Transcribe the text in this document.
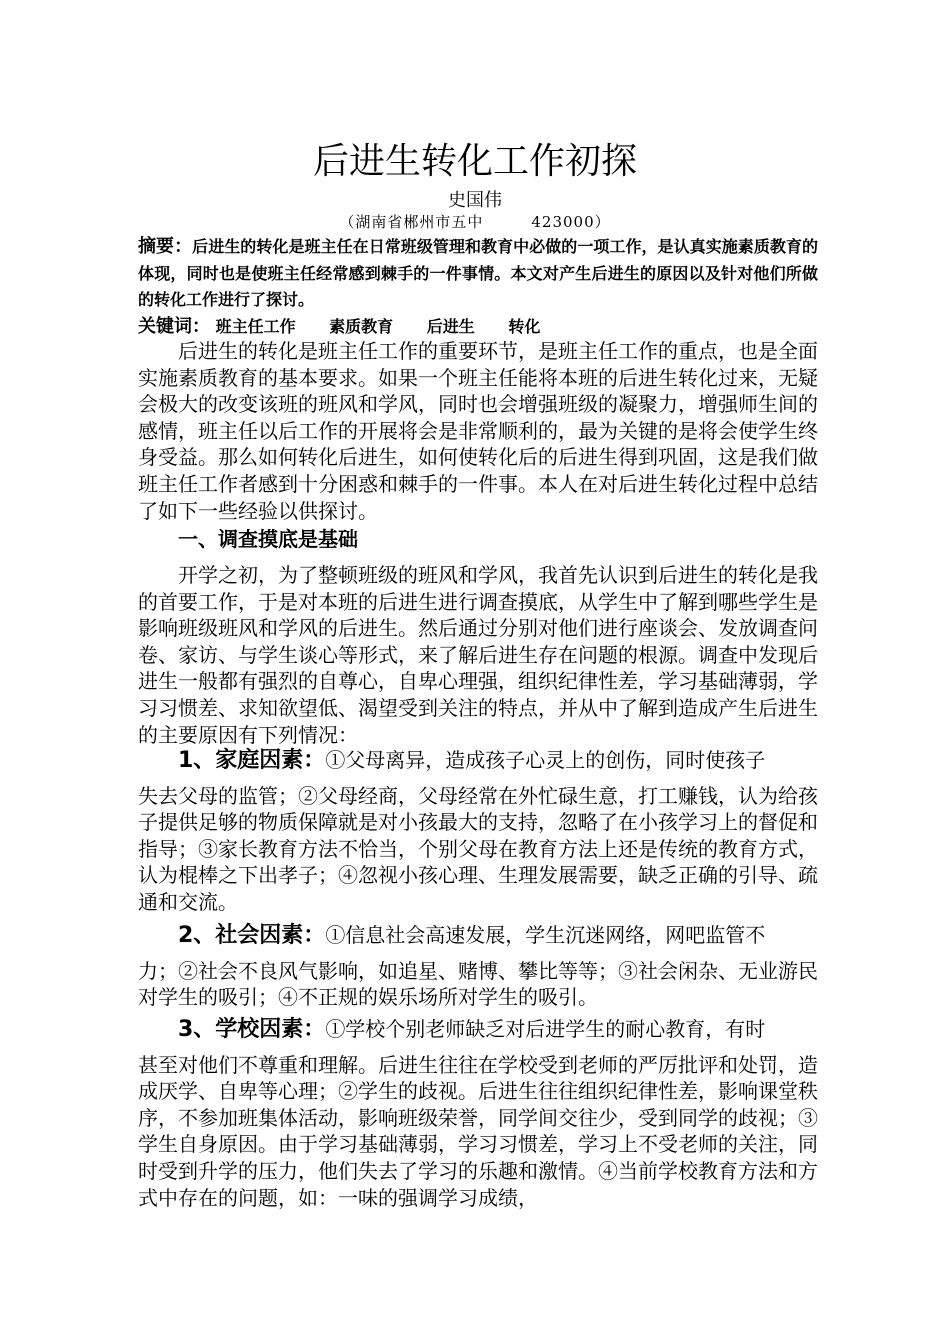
后进生转化工作初探
史国伟
（湖南省郴州市五中	423000）

摘要：后进生的转化是班主任在日常班级管理和教育中必做的一项工作，是认真实施素质教育的体现，同时也是使班主任经常感到棘手的一件事情。本文对产生后进生的原因以及针对他们所做的转化工作进行了探讨。

关键词： 班主任工作 素质教育 后进生 转化

后进生的转化是班主任工作的重要环节，是班主任工作的重点，也是全面实施素质教育的基本要求。如果一个班主任能将本班的后进生转化过来，无疑会极大的改变该班的班风和学风，同时也会增强班级的凝聚力，增强师生间的感情，班主任以后工作的开展将会是非常顺利的，最为关键的是将会使学生终身受益。那么如何转化后进生，如何使转化后的后进生得到巩固，这是我们做班主任工作者感到十分困惑和棘手的一件事。本人在对后进生转化过程中总结了如下一些经验以供探讨。

一、调查摸底是基础

开学之初，为了整顿班级的班风和学风，我首先认识到后进生的转化是我的首要工作，于是对本班的后进生进行调查摸底，从学生中了解到哪些学生是影响班级班风和学风的后进生。然后通过分别对他们进行座谈会、发放调查问卷、家访、与学生谈心等形式，来了解后进生存在问题的根源。调查中发现后进生一般都有强烈的自尊心，自卑心理强，组织纪律性差，学习基础薄弱，学习习惯差、求知欲望低、渴望受到关注的特点，并从中了解到造成产生后进生的主要原因有下列情况：

1、家庭因素：①父母离异，造成孩子心灵上的创伤，同时使孩子
失去父母的监管；②父母经商，父母经常在外忙碌生意，打工赚钱，认为给孩子提供足够的物质保障就是对小孩最大的支持，忽略了在小孩学习上的督促和指导；③家长教育方法不恰当，个别父母在教育方法上还是传统的教育方式，认为棍棒之下出孝子；④忽视小孩心理、生理发展需要，缺乏正确的引导、疏通和交流。

2、社会因素：①信息社会高速发展，学生沉迷网络，网吧监管不
力；②社会不良风气影响，如追星、赌博、攀比等等；③社会闲杂、无业游民对学生的吸引；④不正规的娱乐场所对学生的吸引。

3、学校因素：①学校个别老师缺乏对后进学生的耐心教育，有时
甚至对他们不尊重和理解。后进生往往在学校受到老师的严厉批评和处罚，造成厌学、自卑等心理；②学生的歧视。后进生往往组织纪律性差，影响课堂秩序，不参加班集体活动，影响班级荣誉，同学间交往少，受到同学的歧视；③学生自身原因。由于学习基础薄弱，学习习惯差，学习上不受老师的关注，同时受到升学的压力，他们失去了学习的乐趣和激情。④当前学校教育方法和方式中存在的问题，如：一味的强调学习成绩，
